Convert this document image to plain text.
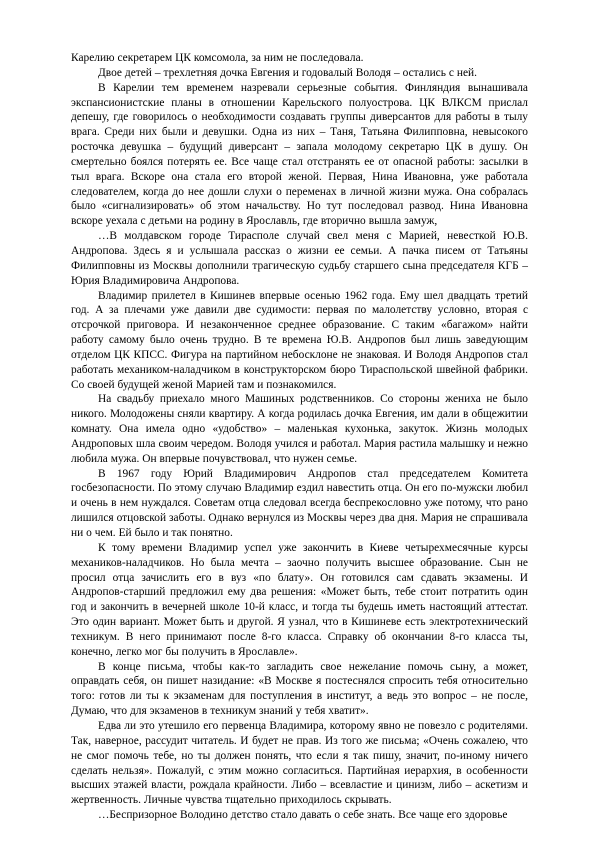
Карелию секретарем ЦК комсомола, за ним не последовала.

Двое детей – трехлетняя дочка Евгения и годовалый Володя – остались с ней.

В Карелии тем временем назревали серьезные события. Финляндия вынашивала экспансионистские планы в отношении Карельского полуострова. ЦК ВЛКСМ прислал депешу, где говорилось о необходимости создавать группы диверсантов для работы в тылу врага. Среди них были и девушки. Одна из них – Таня, Татьяна Филипповна, невысокого росточка девушка – будущий диверсант – запала молодому секретарю ЦК в душу. Он смертельно боялся потерять ее. Все чаще стал отстранять ее от опасной работы: засылки в тыл врага. Вскоре она стала его второй женой. Первая, Нина Ивановна, уже работала следователем, когда до нее дошли слухи о переменах в личной жизни мужа. Она собралась было «сигнализировать» об этом начальству. Но тут последовал развод. Нина Ивановна вскоре уехала с детьми на родину в Ярославль, где вторично вышла замуж,

…В молдавском городе Тирасполе случай свел меня с Марией, невесткой Ю.В. Андропова. Здесь я и услышала рассказ о жизни ее семьи. А пачка писем от Татьяны Филипповны из Москвы дополнили трагическую судьбу старшего сына председателя КГБ – Юрия Владимировича Андропова.

Владимир прилетел в Кишинев впервые осенью 1962 года. Ему шел двадцать третий год. А за плечами уже давили две судимости: первая по малолетству условно, вторая с отсрочкой приговора. И незаконченное среднее образование. С таким «багажом» найти работу самому было очень трудно. В те времена Ю.В. Андропов был лишь заведующим отделом ЦК КПСС. Фигура на партийном небосклоне не знаковая. И Володя Андропов стал работать механиком-наладчиком в конструкторском бюро Тираспольской швейной фабрики. Со своей будущей женой Марией там и познакомился.

На свадьбу приехало много Машиных родственников. Со стороны жениха не было никого. Молодожены сняли квартиру. А когда родилась дочка Евгения, им дали в общежитии комнату. Она имела одно «удобство» – маленькая кухонька, закуток. Жизнь молодых Андроповых шла своим чередом. Володя учился и работал. Мария растила малышку и нежно любила мужа. Он впервые почувствовал, что нужен семье.

В 1967 году Юрий Владимирович Андропов стал председателем Комитета госбезопасности. По этому случаю Владимир ездил навестить отца. Он его по-мужски любил и очень в нем нуждался. Советам отца следовал всегда беспрекословно уже потому, что рано лишился отцовской заботы. Однако вернулся из Москвы через два дня. Мария не спрашивала ни о чем. Ей было и так понятно.

К тому времени Владимир успел уже закончить в Киеве четырехмесячные курсы механиков-наладчиков. Но была мечта – заочно получить высшее образование. Сын не просил отца зачислить его в вуз «по блату». Он готовился сам сдавать экзамены. И Андропов-старший предложил ему два решения: «Может быть, тебе стоит потратить один год и закончить в вечерней школе 10-й класс, и тогда ты будешь иметь настоящий аттестат. Это один вариант. Может быть и другой. Я узнал, что в Кишиневе есть электротехнический техникум. В него принимают после 8-го класса. Справку об окончании 8-го класса ты, конечно, легко мог бы получить в Ярославле».

В конце письма, чтобы как-то загладить свое нежелание помочь сыну, а может, оправдать себя, он пишет назидание: «В Москве я постеснялся спросить тебя относительно того: готов ли ты к экзаменам для поступления в институт, а ведь это вопрос – не после, Думаю, что для экзаменов в техникум знаний у тебя хватит».

Едва ли это утешило его первенца Владимира, которому явно не повезло с родителями. Так, наверное, рассудит читатель. И будет не прав. Из того же письма; «Очень сожалею, что не смог помочь тебе, но ты должен понять, что если я так пишу, значит, по-иному ничего сделать нельзя». Пожалуй, с этим можно согласиться. Партийная иерархия, в особенности высших этажей власти, рождала крайности. Либо – всевластие и цинизм, либо – аскетизм и жертвенность. Личные чувства тщательно приходилось скрывать.

…Беспризорное Володино детство стало давать о себе знать. Все чаще его здоровье
